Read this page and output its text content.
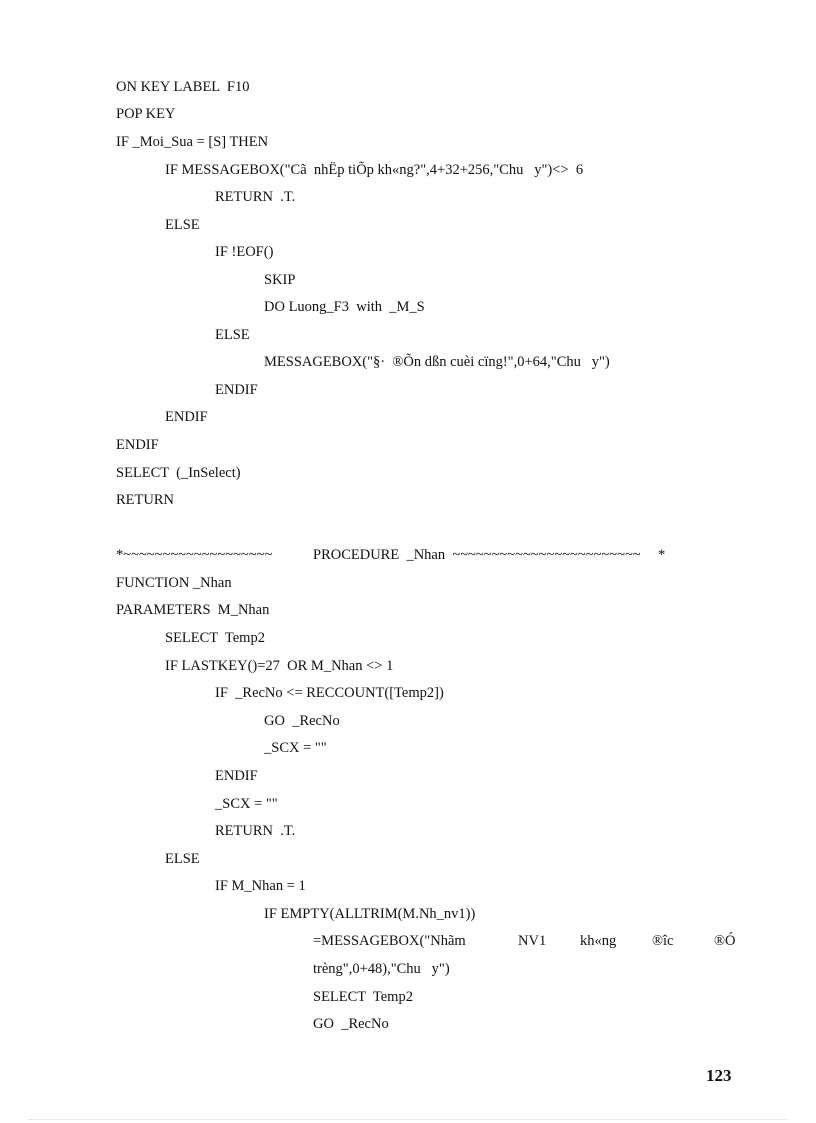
ON KEY LABEL  F10
POP KEY
IF _Moi_Sua = [S] THEN
IF MESSAGEBOX("Cã  nhËp tiÕp kh«ng?",4+32+256,"Chu   y")<>  6
RETURN  .T.
ELSE
IF !EOF()
SKIP
DO Luong_F3  with  _M_S
ELSE
MESSAGEBOX("§·  ®Õn dßn cuèi cïng!",0+64,"Chu   y")
ENDIF
ENDIF
ENDIF
SELECT  (_InSelect)
RETURN
*~~~~~~~~~~~~~~~~~~~	PROCEDURE  _Nhan  ~~~~~~~~~~~~~~~~~~~~~~~~ *
FUNCTION _Nhan
PARAMETERS  M_Nhan
SELECT  Temp2
IF LASTKEY()=27  OR M_Nhan <> 1
IF  _RecNo <= RECCOUNT([Temp2])
GO  _RecNo
_SCX = ""
ENDIF
_SCX = ""
RETURN  .T.
ELSE
IF M_Nhan = 1
IF EMPTY(ALLTRIM(M.Nh_nv1))
=MESSAGEBOX("Nhãm	NV1 kh«ng ®îc	®Ó
trèng",0+48),"Chu   y")
SELECT  Temp2
GO  _RecNo
123
